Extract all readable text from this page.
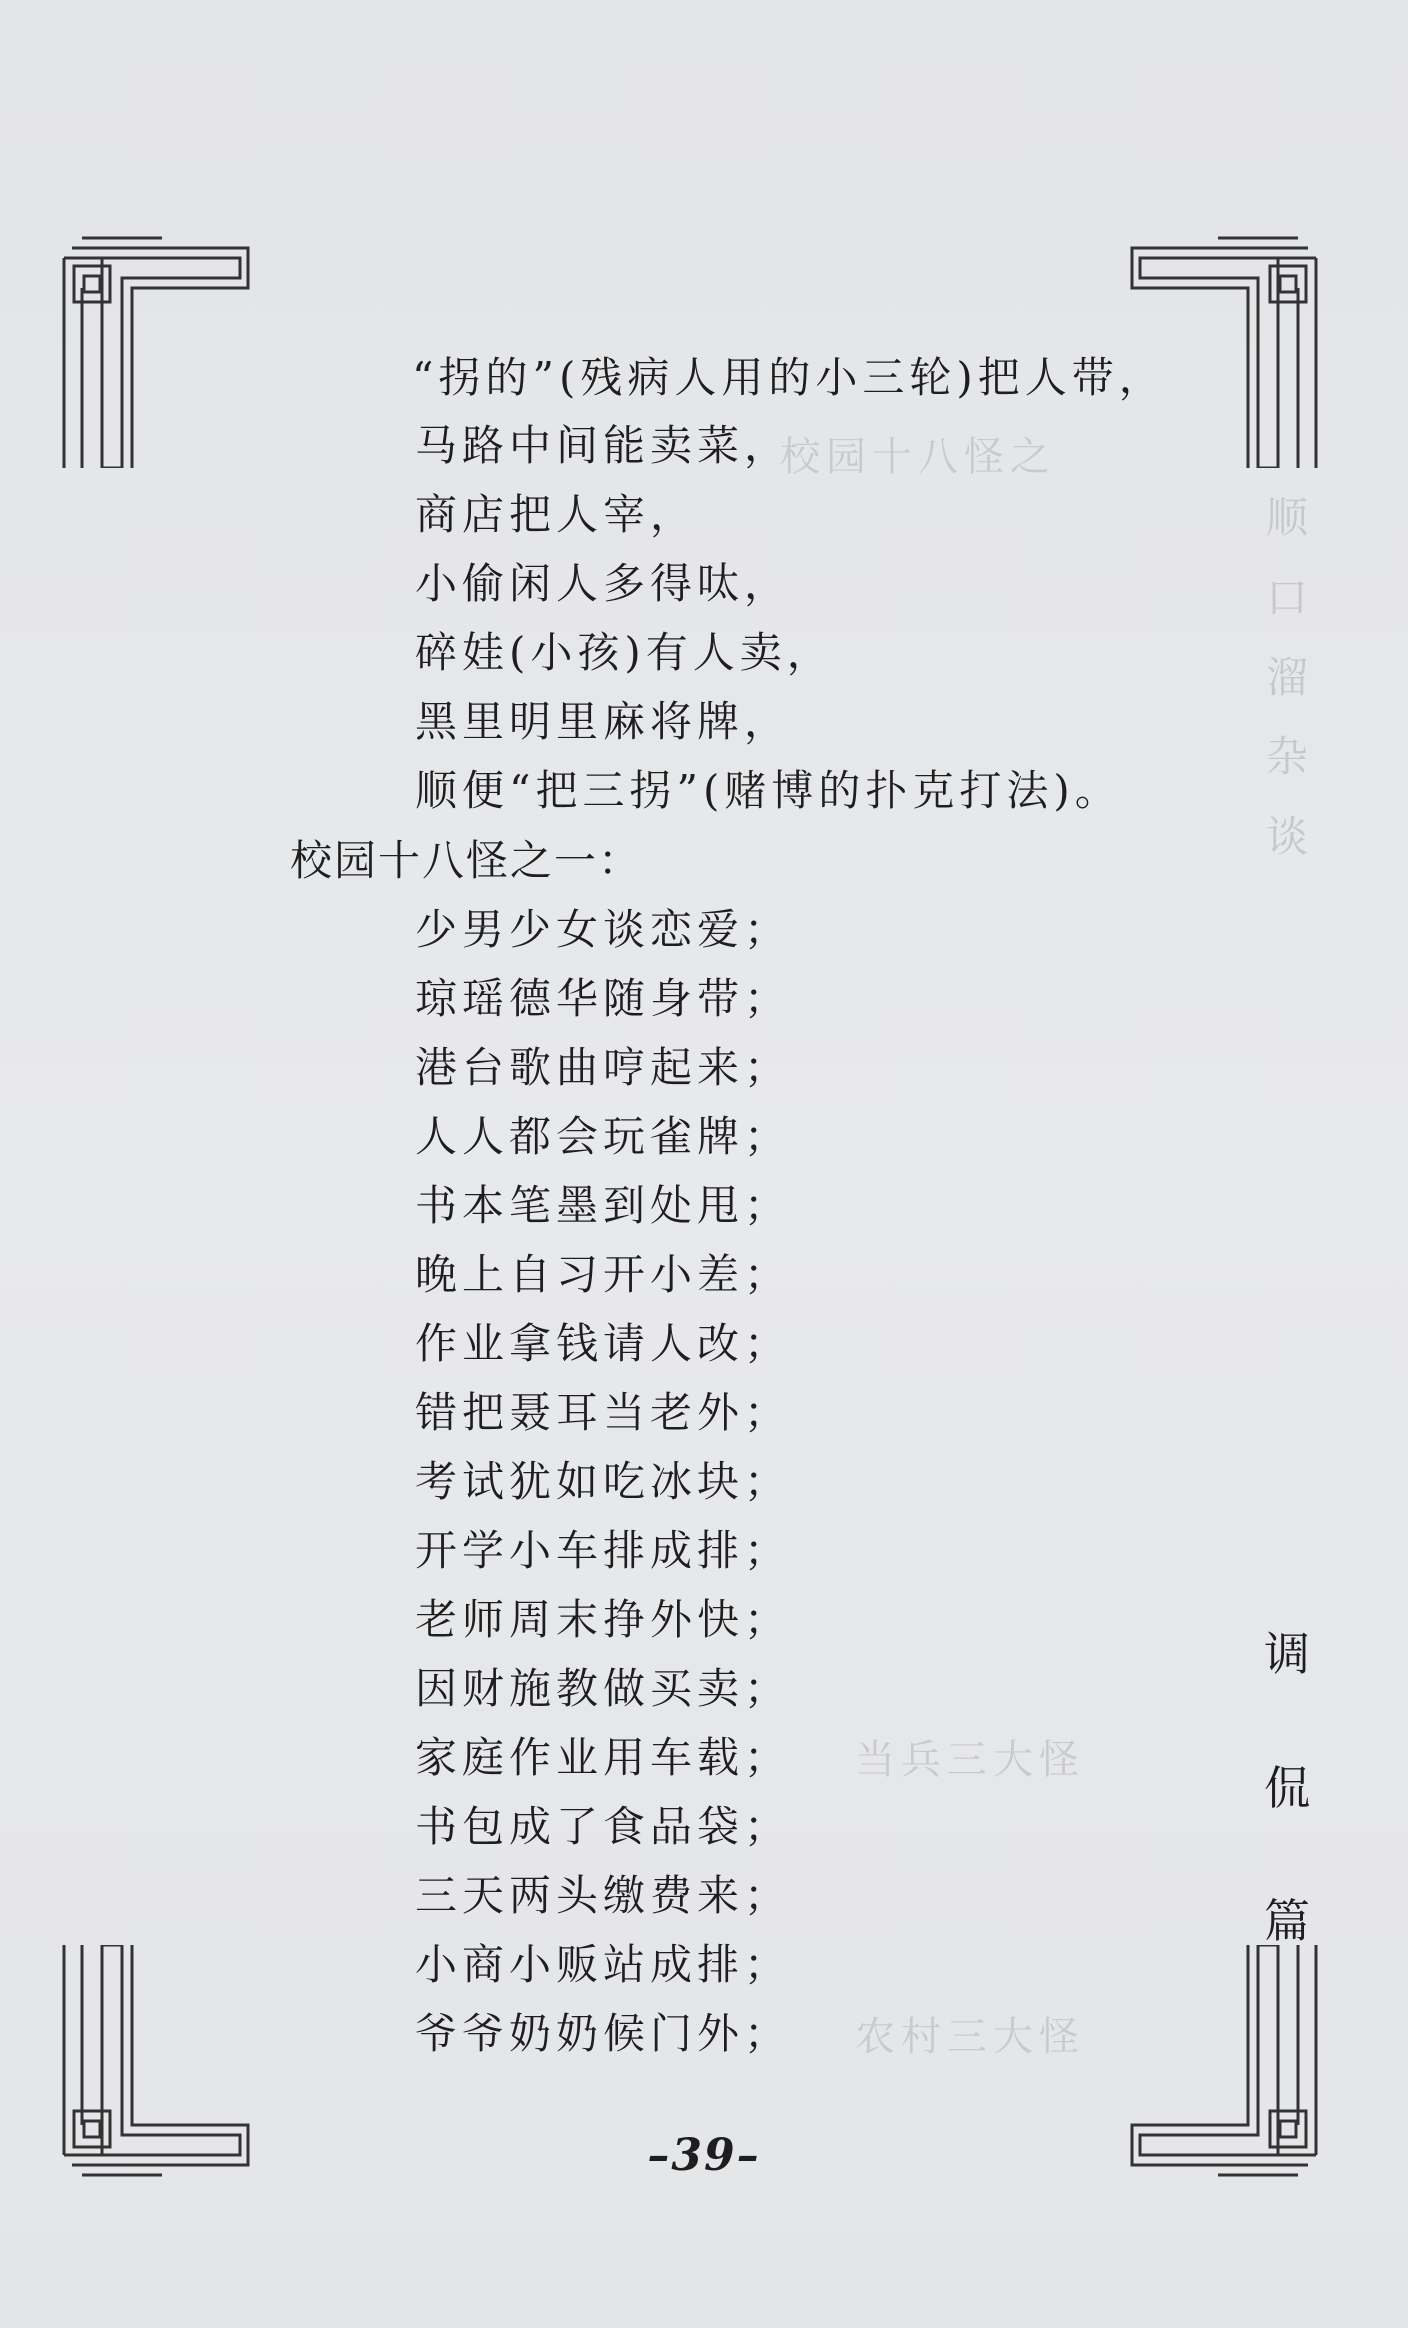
校园十八怪之
当兵三大怪
农村三大怪
顺
口
溜
杂
谈
“拐的”(残病人用的小三轮)把人带，
马路中间能卖菜，
商店把人宰，
小偷闲人多得呔，
碎娃(小孩)有人卖，
黑里明里麻将牌，
顺便“把三拐”(赌博的扑克打法)。
校园十八怪之一：
少男少女谈恋爱；
琼瑶德华随身带；
港台歌曲哼起来；
人人都会玩雀牌；
书本笔墨到处甩；
晚上自习开小差；
作业拿钱请人改；
错把聂耳当老外；
考试犹如吃冰块；
开学小车排成排；
老师周末挣外快；
因财施教做买卖；
家庭作业用车载；
书包成了食品袋；
三天两头缴费来；
小商小贩站成排；
爷爷奶奶候门外；
调
侃
篇
–39–
